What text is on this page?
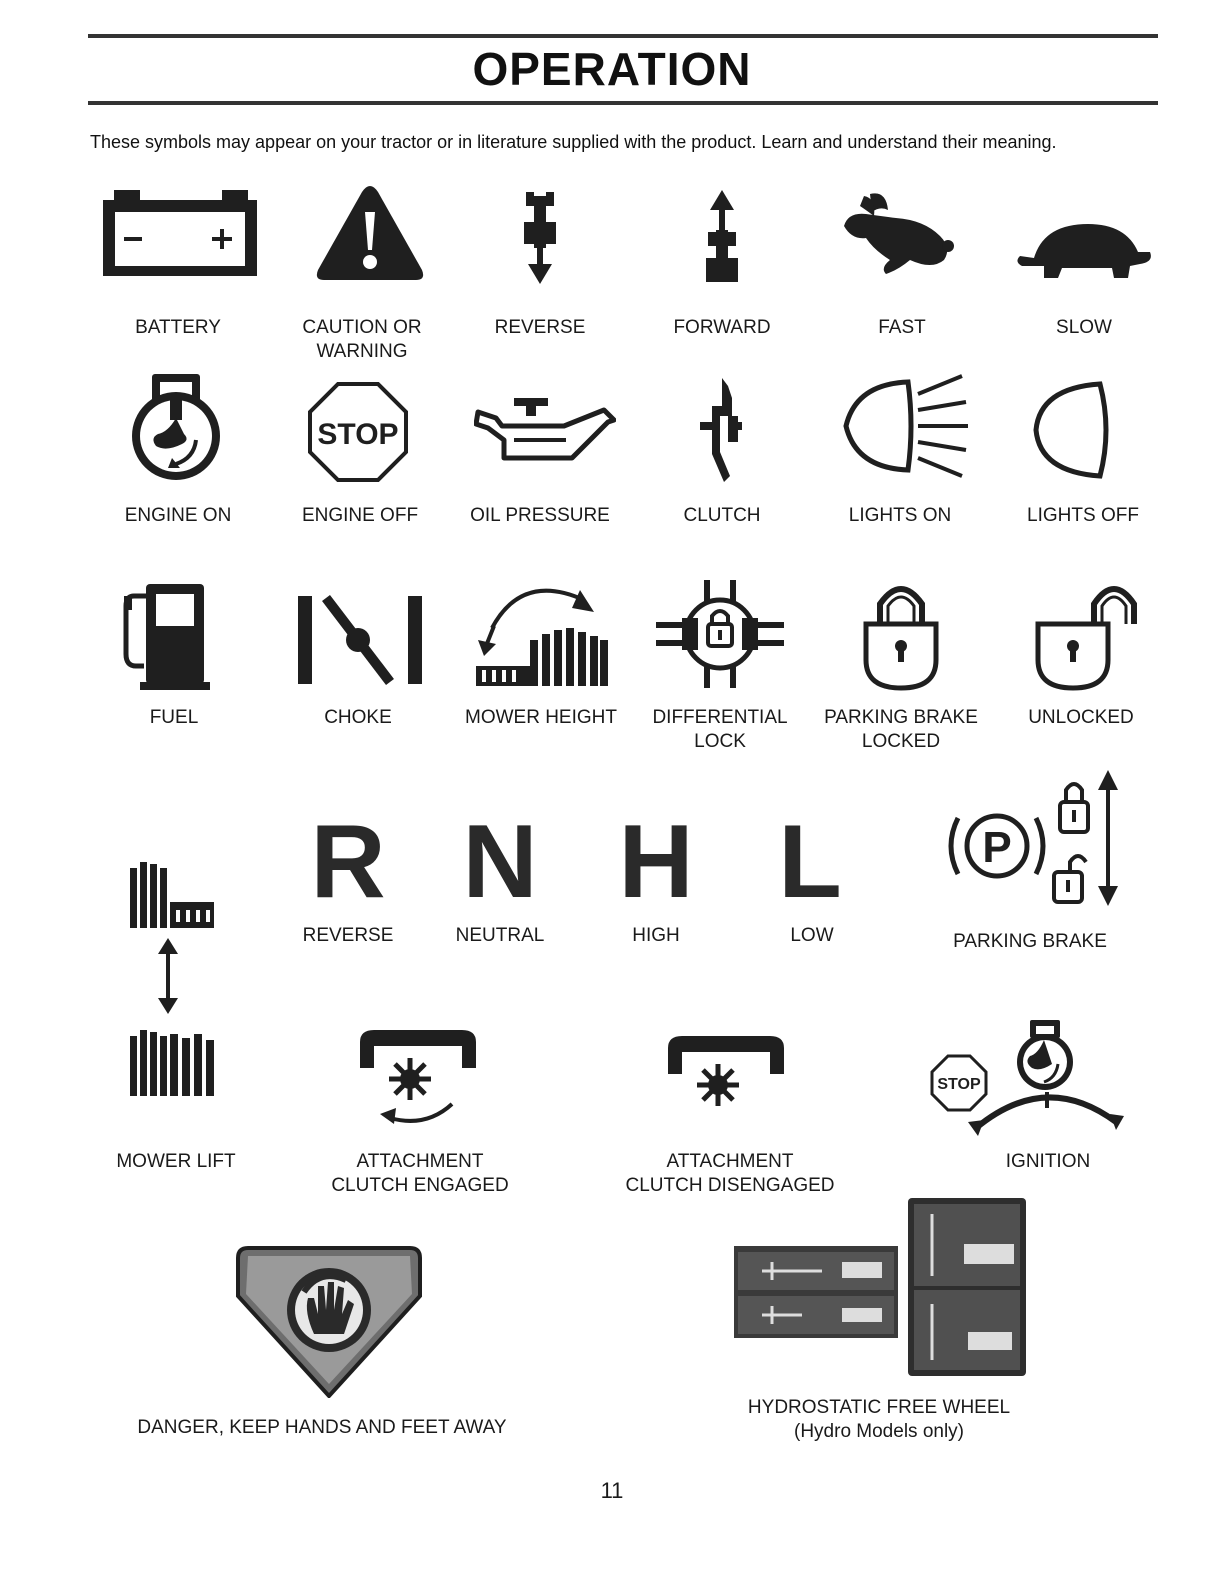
OPERATION
These symbols may appear on your tractor or in literature supplied with the product. Learn and understand their meaning.
BATTERY	CAUTION OR
WARNING
REVERSE	FORWARD	FAST	SLOW
ENGINE ON
STOP
ENGINE OFF	OIL PRESSURE	CLUTCH	LIGHTS ON	LIGHTS OFF
FUEL	CHOKE	MOWER HEIGHT	DIFFERENTIAL
LOCK
PARKING BRAKE
LOCKED
UNLOCKED
R N H L
REVERSE	NEUTRAL	HIGH	LOW
P
PARKING BRAKE
MOWER LIFT	ATTACHMENT
CLUTCH ENGAGED
ATTACHMENT
CLUTCH DISENGAGED
STOP
IGNITION
DANGER, KEEP HANDS AND FEET AWAY
HYDROSTATIC FREE WHEEL
(Hydro Models only)
11
